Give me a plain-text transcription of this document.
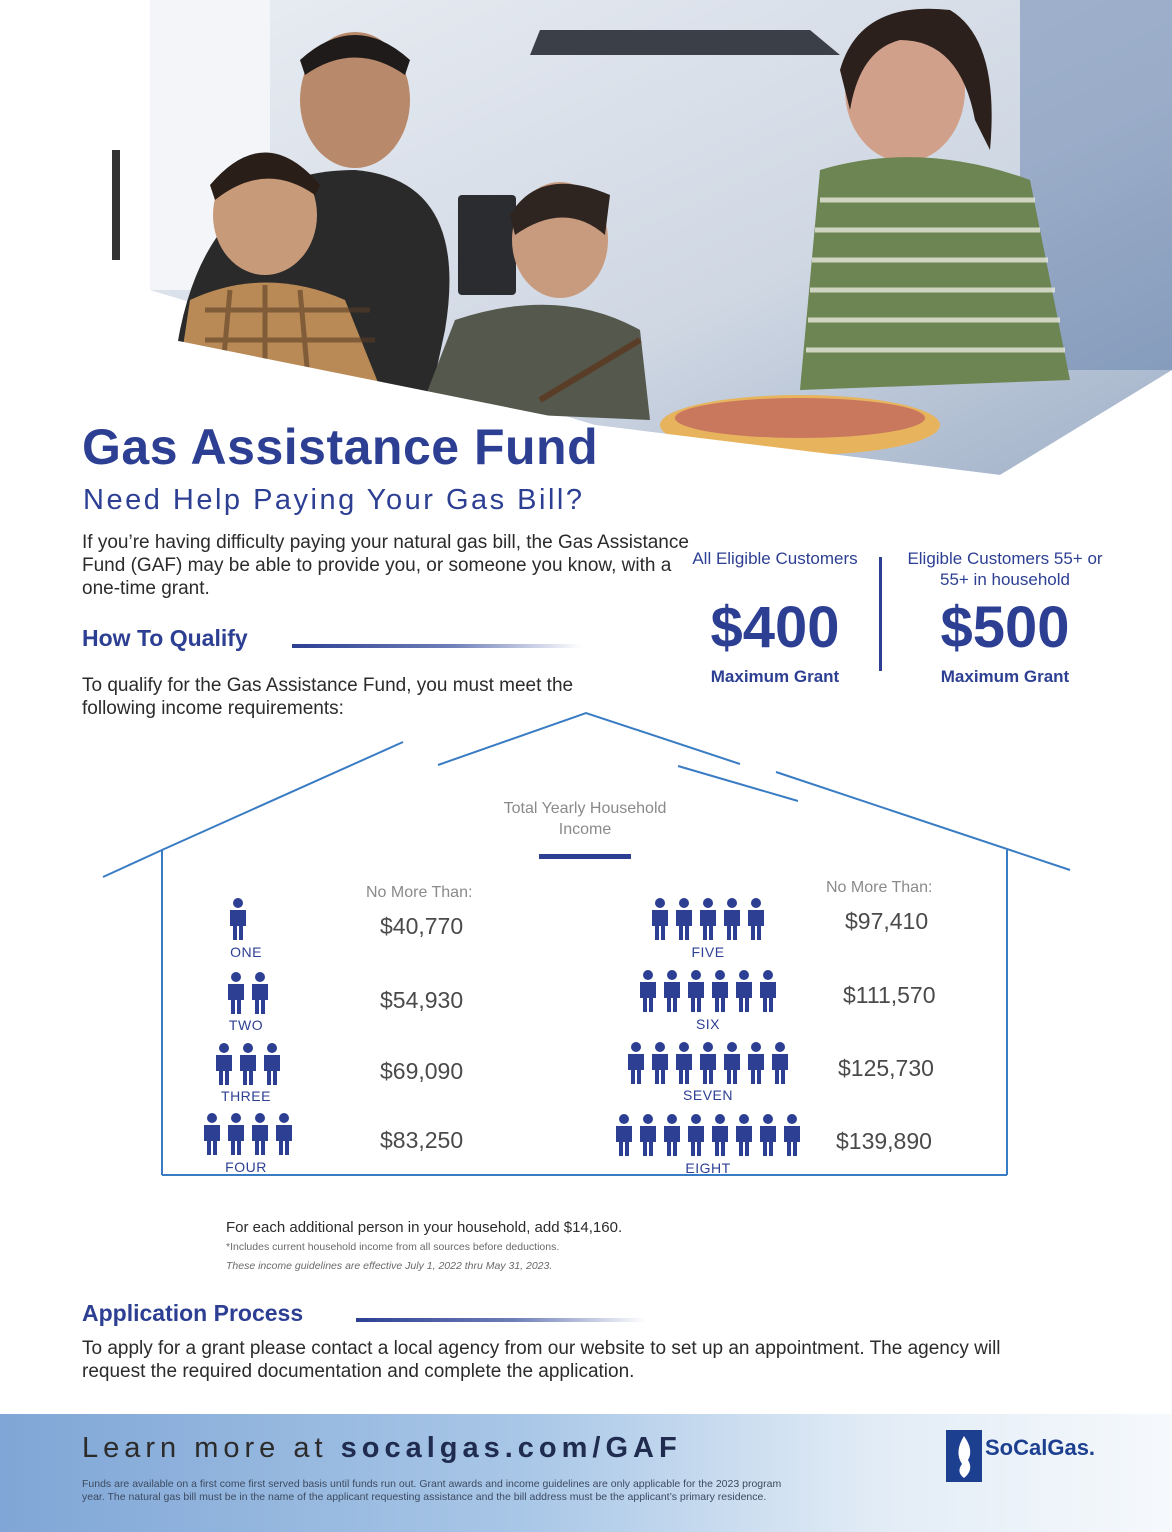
Gas Assistance Fund
Need Help Paying Your Gas Bill?
If you’re having difficulty paying your natural gas bill, the Gas Assistance Fund (GAF) may be able to provide you, or someone you know, with a one-time grant.
How To Qualify
To qualify for the Gas Assistance Fund, you must meet the following income requirements:
All Eligible Customers
$400
Maximum Grant
Eligible Customers 55+ or 55+ in household
$500
Maximum Grant
Total Yearly Household Income
No More Than:	No More Than:
ONE
$40,770
TWO
$54,930
THREE
$69,090
FOUR
$83,250
FIVE
$97,410
SIX
$111,570
SEVEN
$125,730
EIGHT
$139,890
For each additional person in your household, add $14,160.
*Includes current household income from all sources before deductions.
These income guidelines are effective July 1, 2022 thru May 31, 2023.
Application Process
To apply for a grant please contact a local agency from our website to set up an appointment. The agency will request the required documentation and complete the application.
Learn more at socalgas.com/GAF
Funds are available on a first come first served basis until funds run out. Grant awards and income guidelines are only applicable for the 2023 program year. The natural gas bill must be in the name of the applicant requesting assistance and the bill address must be the applicant’s primary residence.
SoCalGas.
